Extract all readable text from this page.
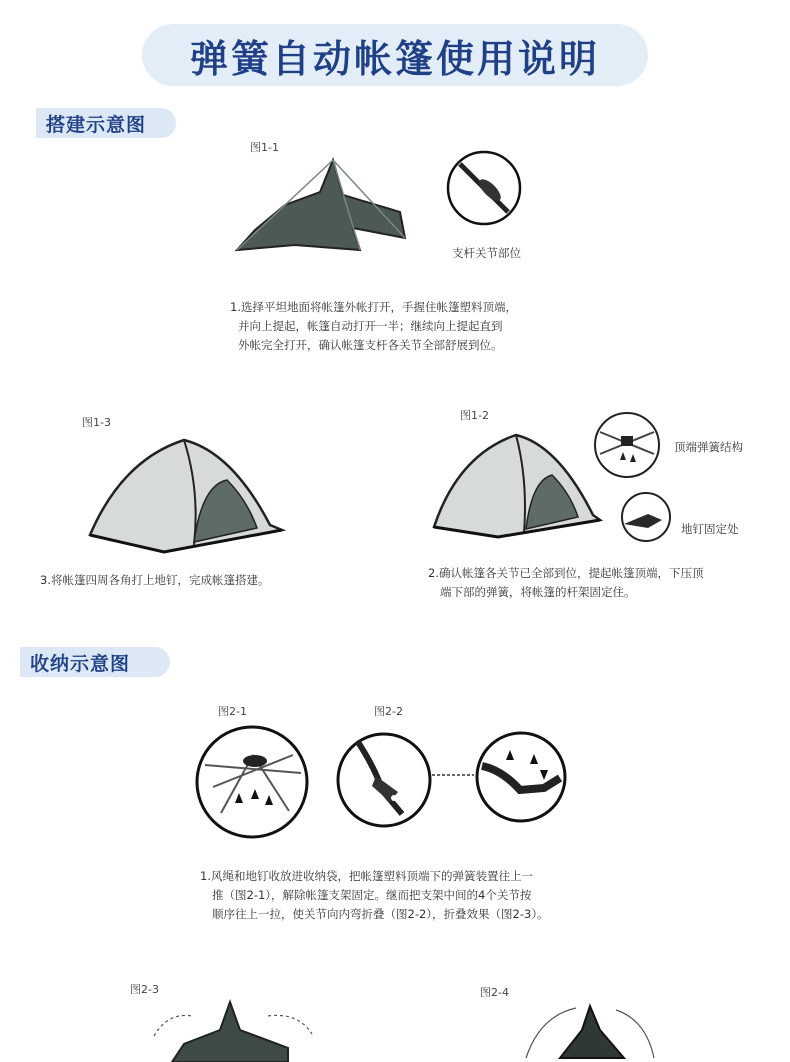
弹簧自动帐篷使用说明
搭建示意图
图1-1
支杆关节部位
1.选择平坦地面将帐篷外帐打开，手握住帐篷塑料顶端，
并向上提起，帐篷自动打开一半；继续向上提起直到
外帐完全打开，确认帐篷支杆各关节全部舒展到位。
图1-3
3.将帐篷四周各角打上地钉，完成帐篷搭建。
图1-2
顶端弹簧结构
地钉固定处
2.确认帐篷各关节已全部到位，提起帐篷顶端，下压顶
端下部的弹簧，将帐篷的杆架固定住。
收纳示意图
图2-1	图2-2
1.风绳和地钉收放进收纳袋，把帐篷塑料顶端下的弹簧装置往上一
推（图2-1），解除帐篷支架固定。继而把支架中间的4个关节按
顺序往上一拉，使关节向内弯折叠（图2-2），折叠效果（图2-3）。
图2-3	图2-4
